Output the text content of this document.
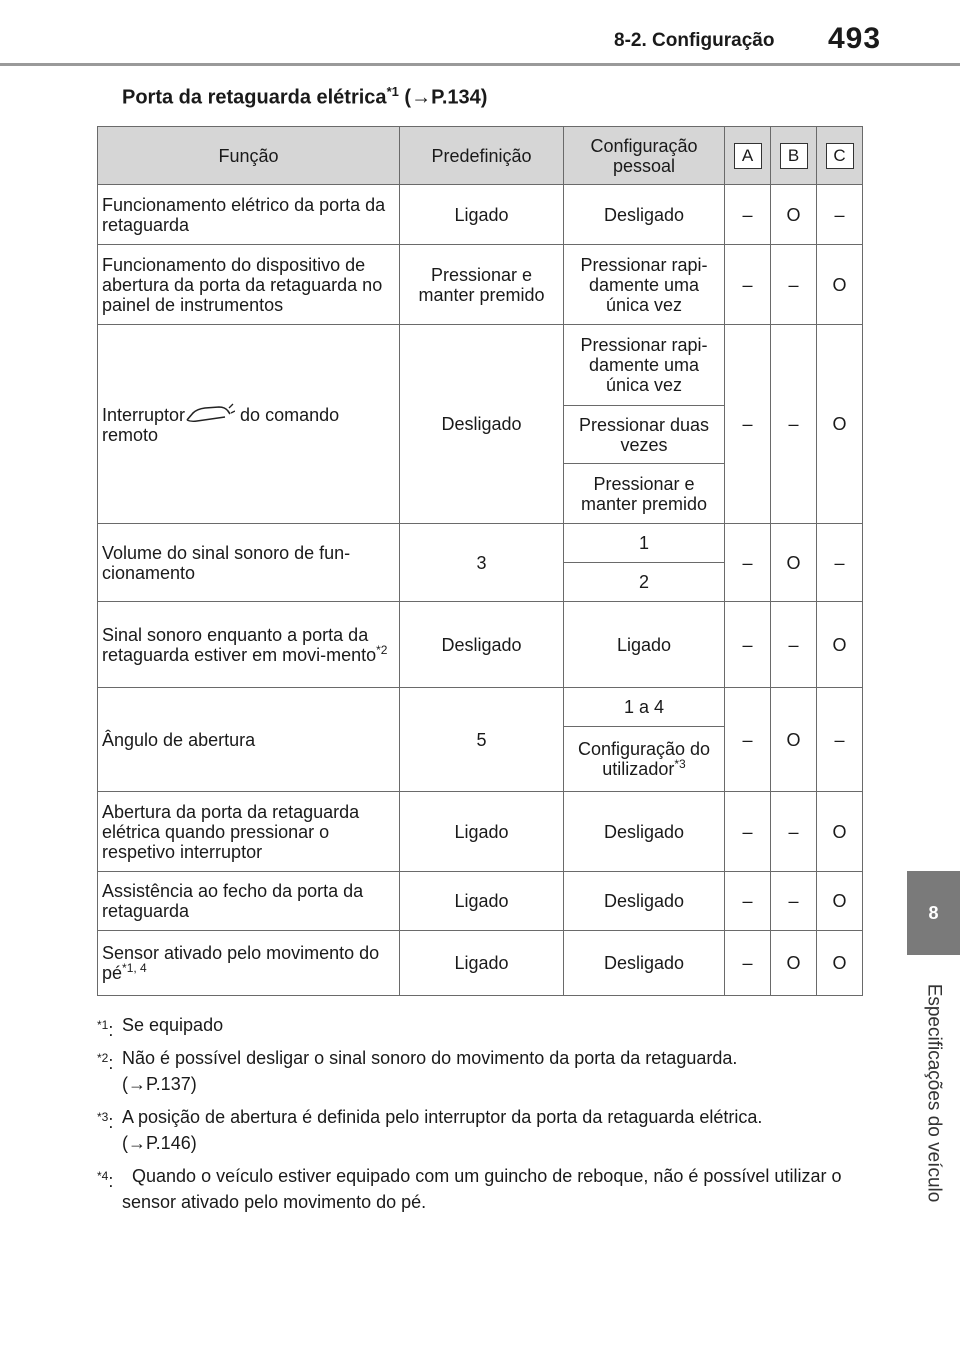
8-2. Configuração 493
8
Especificações do veículo
Porta da retaguarda elétrica$^{*1}$ (→P.134)
Função	Predefinição	Configuração pessoal	A	B	C
Funcionamento elétrico da porta da retaguarda	Ligado	Desligado	–	O	–
Funcionamento do dispositivo de abertura da porta da retaguarda no painel de instrumentos	Pressionar e manter premido	Pressionar rapi-damente uma única vez	–	–	O
Interruptor do comando remoto	Desligado	Pressionar rapi-damente uma única vez	–	–	O
		Pressionar duas vezes			
		Pressionar e manter premido			
Volume do sinal sonoro de fun-cionamento	3	1	–	O	–
		2			
Sinal sonoro enquanto a porta da retaguarda estiver em movi-mento$^{*2}$	Desligado	Ligado	–	–	O
Ângulo de abertura	5	1 a 4	–	O	–
		Configuração do utilizador$^{*3}$
Abertura da porta da retaguarda elétrica quando pressionar o respetivo interruptor	Ligado	Desligado	–	–	O
Assistência ao fecho da porta da retaguarda	Ligado	Desligado	–	–	O
Sensor ativado pelo movimento do pé$^{*1, 4}$	Ligado	Desligado	–	O	O
$^{*1}$: Se equipado
$^{*2}$: Não é possível desligar o sinal sonoro do movimento da porta da retaguarda.
(→P.137)
$^{*3}$: A posição de abertura é definida pelo interruptor da porta da retaguarda elétrica.
(→P.146)
$^{*4}$: Quando o veículo estiver equipado com um guincho de reboque, não é possível utilizar o sensor ativado pelo movimento do pé.
